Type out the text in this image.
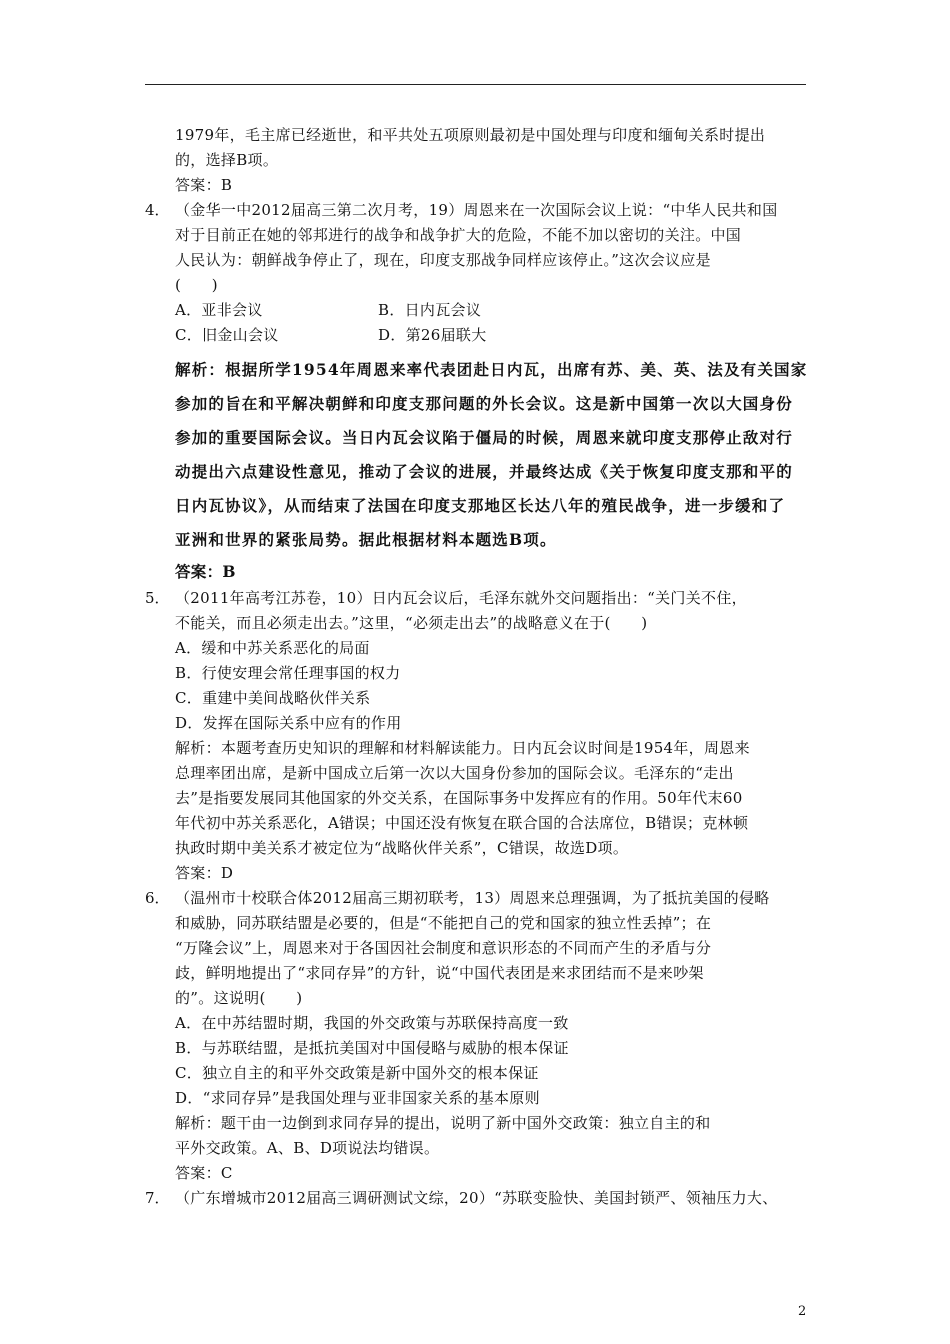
1979年，毛主席已经逝世，和平共处五项原则最初是中国处理与印度和缅甸关系时提出
的，选择B项。
答案：B
4． （金华一中2012届高三第二次月考，19）周恩来在一次国际会议上说：“中华人民共和国
对于目前正在她的邻邦进行的战争和战争扩大的危险，不能不加以密切的关注。中国
人民认为：朝鲜战争停止了，现在，印度支那战争同样应该停止。”这次会议应是
(　　)
A．亚非会议	B．日内瓦会议
C．旧金山会议	D．第26届联大
解析：根据所学1954年周恩来率代表团赴日内瓦，出席有苏、美、英、法及有关国家
参加的旨在和平解决朝鲜和印度支那问题的外长会议。这是新中国第一次以大国身份
参加的重要国际会议。当日内瓦会议陷于僵局的时候，周恩来就印度支那停止敌对行
动提出六点建设性意见，推动了会议的进展，并最终达成《关于恢复印度支那和平的
日内瓦协议》，从而结束了法国在印度支那地区长达八年的殖民战争，进一步缓和了
亚洲和世界的紧张局势。据此根据材料本题选B项。
答案：B
5． （2011年高考江苏卷，10）日内瓦会议后，毛泽东就外交问题指出：“关门关不住，
不能关，而且必须走出去。”这里，“必须走出去”的战略意义在于(　　)
A．缓和中苏关系恶化的局面
B．行使安理会常任理事国的权力
C．重建中美间战略伙伴关系
D．发挥在国际关系中应有的作用
解析：本题考查历史知识的理解和材料解读能力。日内瓦会议时间是1954年，周恩来
总理率团出席，是新中国成立后第一次以大国身份参加的国际会议。毛泽东的“走出
去”是指要发展同其他国家的外交关系，在国际事务中发挥应有的作用。50年代末60
年代初中苏关系恶化，A错误；中国还没有恢复在联合国的合法席位，B错误；克林顿
执政时期中美关系才被定位为“战略伙伴关系”，C错误，故选D项。
答案：D
6． （温州市十校联合体2012届高三期初联考，13）周恩来总理强调，为了抵抗美国的侵略
和威胁，同苏联结盟是必要的，但是“不能把自己的党和国家的独立性丢掉”；在
“万隆会议”上，周恩来对于各国因社会制度和意识形态的不同而产生的矛盾与分
歧，鲜明地提出了“求同存异”的方针，说“中国代表团是来求团结而不是来吵架
的”。这说明(　　)
A．在中苏结盟时期，我国的外交政策与苏联保持高度一致
B．与苏联结盟，是抵抗美国对中国侵略与威胁的根本保证
C．独立自主的和平外交政策是新中国外交的根本保证
D．“求同存异”是我国处理与亚非国家关系的基本原则
解析：题干由一边倒到求同存异的提出，说明了新中国外交政策：独立自主的和
平外交政策。A、B、D项说法均错误。
答案：C
7． （广东增城市2012届高三调研测试文综，20）“苏联变脸快、美国封锁严、领袖压力大、
2
